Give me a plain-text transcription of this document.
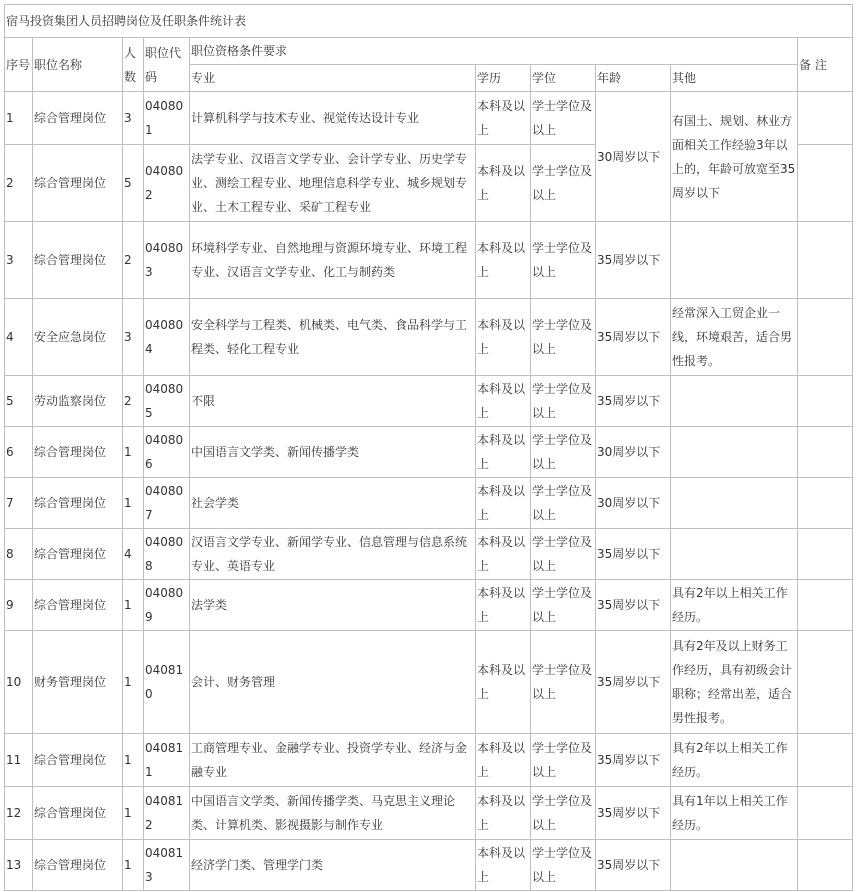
宿马投资集团人员招聘岗位及任职条件统计表									
序号	职位名称	人数	职位代码	职位资格条件要求					备 注
				专业	学历	学位	年龄	其他	
1	综合管理岗位	3	040801	计算机科学与技术专业、视觉传达设计专业	本科及以上	学士学位及以上	30周岁以下	有国土、规划、林业方面相关工作经验3年以上的，年龄可放宽至35周岁以下	
2	综合管理岗位	5	040802	法学专业、汉语言文学专业、会计学专业、历史学专业、测绘工程专业、地理信息科学专业、城乡规划专业、土木工程专业、采矿工程专业	本科及以上	学士学位及以上			
3	综合管理岗位	2	040803	环境科学专业、自然地理与资源环境专业、环境工程专业、汉语言文学专业、化工与制药类	本科及以上	学士学位及以上	35周岁以下		
4	安全应急岗位	3	040804	安全科学与工程类、机械类、电气类、食品科学与工程类、轻化工程专业	本科及以上	学士学位及以上	35周岁以下	经常深入工贸企业一线，环境艰苦，适合男性报考。	
5	劳动监察岗位	2	040805	不限	本科及以上	学士学位及以上	35周岁以下		
6	综合管理岗位	1	040806	中国语言文学类、新闻传播学类	本科及以上	学士学位及以上	30周岁以下		
7	综合管理岗位	1	040807	社会学类	本科及以上	学士学位及以上	30周岁以下		
8	综合管理岗位	4	040808	汉语言文学专业、新闻学专业、信息管理与信息系统专业、英语专业	本科及以上	学士学位及以上	35周岁以下		
9	综合管理岗位	1	040809	法学类	本科及以上	学士学位及以上	35周岁以下	具有2年以上相关工作经历。	
10	财务管理岗位	1	040810	会计、财务管理	本科及以上	学士学位及以上	35周岁以下	具有2年及以上财务工作经历，具有初级会计职称；经常出差，适合男性报考。	
11	综合管理岗位	1	040811	工商管理专业、金融学专业、投资学专业、经济与金融专业	本科及以上	学士学位及以上	35周岁以下	具有2年以上相关工作经历。	
12	综合管理岗位	1	040812	中国语言文学类、新闻传播学类、马克思主义理论类、计算机类、影视摄影与制作专业	本科及以上	学士学位及以上	35周岁以下	具有1年以上相关工作经历。	
13	综合管理岗位	1	040813	经济学门类、管理学门类	本科及以上	学士学位及以上	35周岁以下		
